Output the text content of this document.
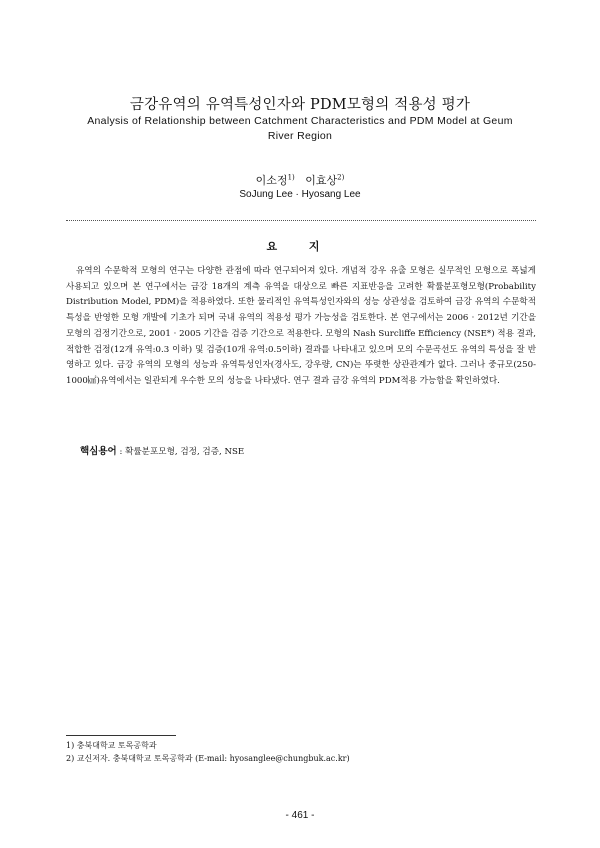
금강유역의 유역특성인자와 PDM모형의 적용성 평가
Analysis of Relationship between Catchment Characteristics and PDM Model at Geum River Region
이소정$^{1)}$ 이효상$^{2)}$
SoJung Lee · Hyosang Lee
요 지

유역의 수문학적 모형의 연구는 다양한 관점에 따라 연구되어져 있다. 개념적 강우 유출 모형은 실무적인 모형으로 폭넓게 사용되고 있으며 본 연구에서는 금강 18개의 계측 유역을 대상으로 빠른 지표반응을 고려한 확률분포형모형(Probability Distribution Model, PDM)을 적용하였다. 또한 물리적인 유역특성인자와의 성능 상관성을 검토하여 금강 유역의 수문학적 특성을 반영한 모형 개발에 기초가 되며 국내 유역의 적용성 평가 가능성을 검토한다. 본 연구에서는 2006 · 2012년 기간을 모형의 검정기간으로, 2001 · 2005 기간을 검증 기간으로 적용한다. 모형의 Nash Surcliffe Efficiency (NSE*) 적용 결과, 적합한 검정(12개 유역:0.3 이하) 및 검증(10개 유역:0.5이하) 결과를 나타내고 있으며 모의 수문곡선도 유역의 특성을 잘 반영하고 있다. 금강 유역의 모형의 성능과 유역특성인자(경사도, 강우량, CN)는 뚜렷한 상관관계가 없다. 그러나 중규모(250-1000㎢)유역에서는 일관되게 우수한 모의 성능을 나타냈다. 연구 결과 금강 유역의 PDM적용 가능함을 확인하였다.

핵심용어 : 확률분포모형, 검정, 검증, NSE
1) 충북대학교 토목공학과
2) 교신저자. 충북대학교 토목공학과 (E-mail: hyosanglee@chungbuk.ac.kr)
- 461 -
